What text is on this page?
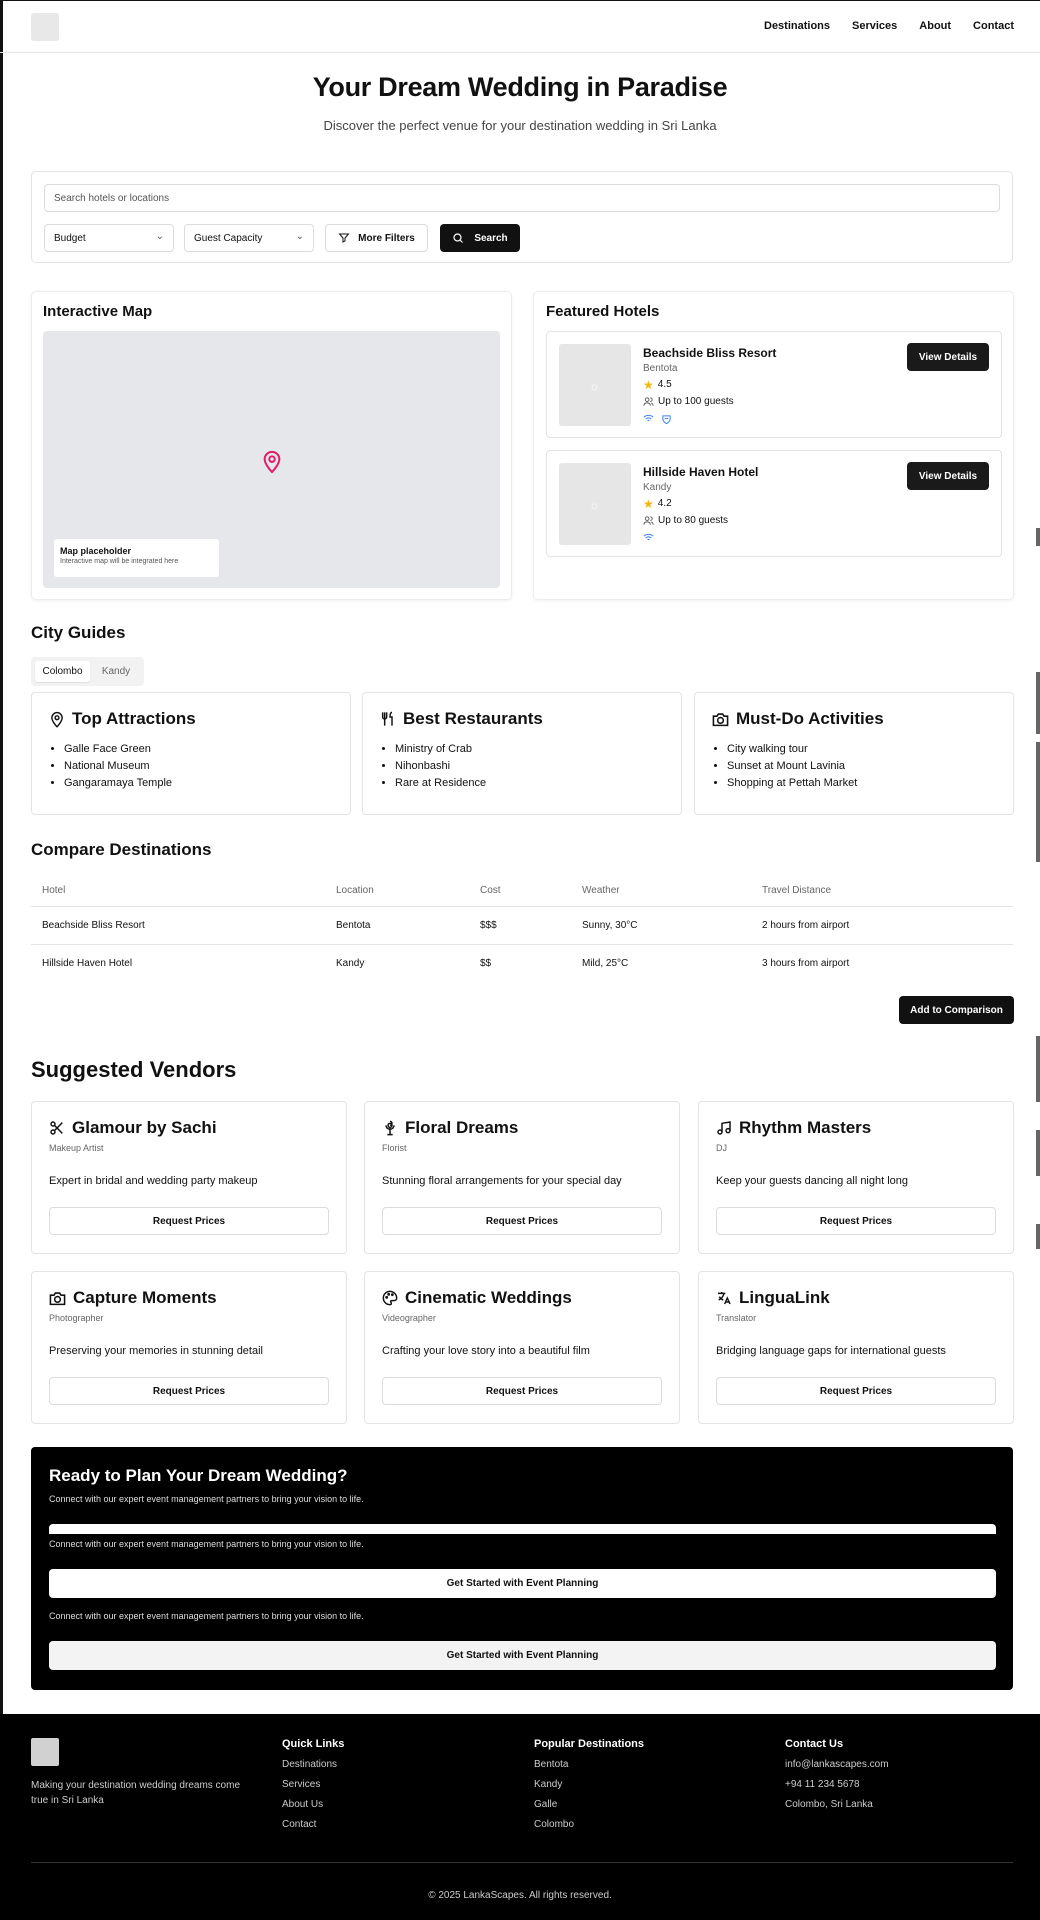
Destinations Services About Contact
Your Dream Wedding in Paradise
Discover the perfect venue for your destination wedding in Sri Lanka
Search hotels or locations
Budget	⌄	Guest Capacity	⌄	More Filters	Search
Interactive Map
Map placeholder
Interactive map will be integrated here
Featured Hotels
☼
Beachside Bliss Resort
Bentota
★ 4.5
Up to 100 guests
View Details
☼
Hillside Haven Hotel
Kandy
★ 4.2
Up to 80 guests
View Details
City Guides
Colombo	Kandy
Top Attractions
• Galle Face Green
• National Museum
• Gangaramaya Temple
Best Restaurants
• Ministry of Crab
• Nihonbashi
• Rare at Residence
Must-Do Activities
• City walking tour
• Sunset at Mount Lavinia
• Shopping at Pettah Market
Compare Destinations
Hotel	Location	Cost	Weather	Travel Distance
Beachside Bliss Resort	Bentota	$$$	Sunny, 30°C	2 hours from airport
Hillside Haven Hotel	Kandy	$$	Mild, 25°C	3 hours from airport
Add to Comparison
Suggested Vendors
Glamour by Sachi
Makeup Artist
Expert in bridal and wedding party makeup
Request Prices
Floral Dreams
Florist
Stunning floral arrangements for your special day
Request Prices
Rhythm Masters
DJ
Keep your guests dancing all night long
Request Prices
Capture Moments
Photographer
Preserving your memories in stunning detail
Request Prices
Cinematic Weddings
Videographer
Crafting your love story into a beautiful film
Request Prices
LinguaLink
Translator
Bridging language gaps for international guests
Request Prices
Ready to Plan Your Dream Wedding?
Connect with our expert event management partners to bring your vision to life.
Connect with our expert event management partners to bring your vision to life.
Get Started with Event Planning
Connect with our expert event management partners to bring your vision to life.
Get Started with Event Planning
Making your destination wedding dreams come true in Sri Lanka
Quick Links
Destinations
Services
About Us
Contact
Popular Destinations
Bentota
Kandy
Galle
Colombo
Contact Us
info@lankascapes.com
+94 11 234 5678
Colombo, Sri Lanka
© 2025 LankaScapes. All rights reserved.
